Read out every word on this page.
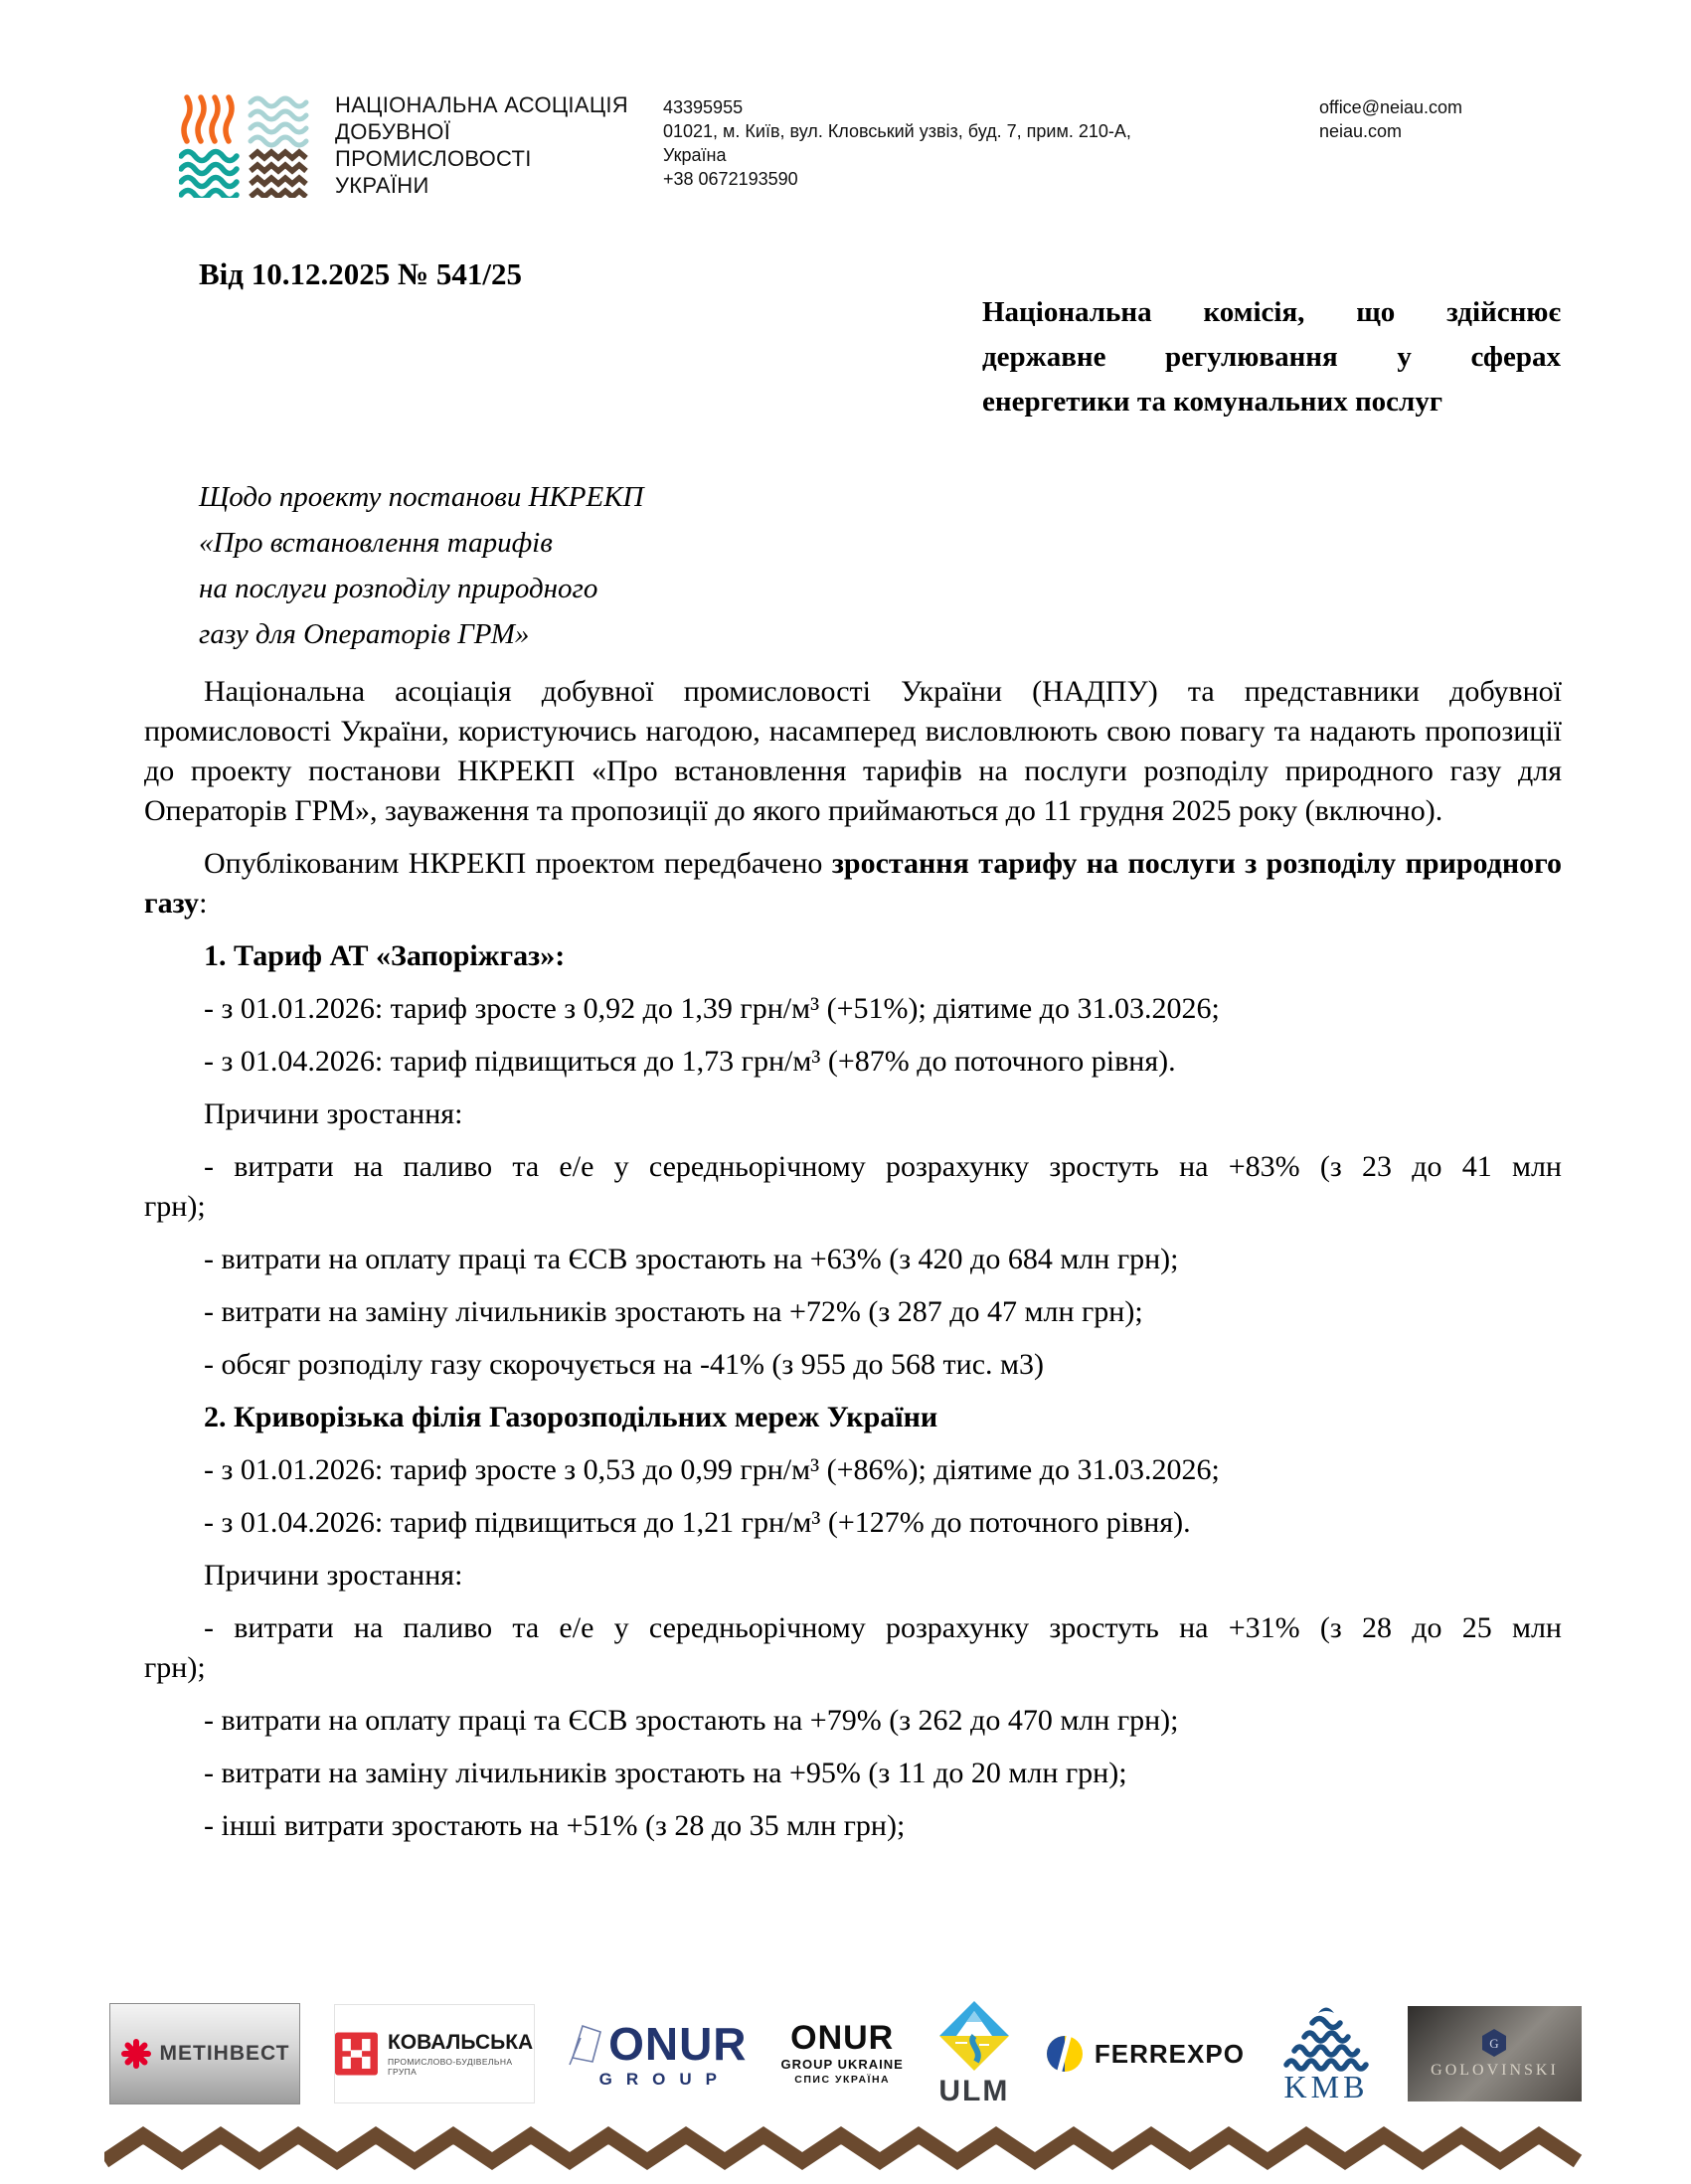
НАЦІОНАЛЬНА АСОЦІАЦІЯ
ДОБУВНОЇ
ПРОМИСЛОВОСТІ
УКРАЇНИ
43395955
01021, м. Київ, вул. Кловський узвіз, буд. 7, прим. 210-А,
Україна
+38 0672193590
office@neiau.com
neiau.com
Від 10.12.2025 № 541/25
Національна комісія, що здійснює
державне регулювання у сферах
енергетики та комунальних послуг
Щодо проекту постанови НКРЕКП
«Про встановлення тарифів
на послуги розподілу природного
газу для Операторів ГРМ»

Національна асоціація добувної промисловості України (НАДПУ) та представники добувної промисловості України, користуючись нагодою, насамперед висловлюють свою повагу та надають пропозиції до проекту постанови НКРЕКП «Про встановлення тарифів на послуги розподілу природного газу для Операторів ГРМ», зауваження та пропозиції до якого приймаються до 11 грудня 2025 року (включно).

Опублікованим НКРЕКП проектом передбачено зростання тарифу на послуги з розподілу природного газу:

1. Тариф АТ «Запоріжгаз»:

- з 01.01.2026: тариф зросте з 0,92 до 1,39 грн/м³ (+51%); діятиме до 31.03.2026;

- з 01.04.2026: тариф підвищиться до 1,73 грн/м³ (+87% до поточного рівня).

Причини зростання:

- витрати на паливо та е/е у середньорічному розрахунку зростуть на +83% (з 23 до 41 млн грн);

- витрати на оплату праці та ЄСВ зростають на +63% (з 420 до 684 млн грн);

- витрати на заміну лічильників зростають на +72% (з 287 до 47 млн грн);

- обсяг розподілу газу скорочується на -41% (з 955 до 568 тис. м3)

2. Криворізька філія Газорозподільних мереж України

- з 01.01.2026: тариф зросте з 0,53 до 0,99 грн/м³ (+86%); діятиме до 31.03.2026;

- з 01.04.2026: тариф підвищиться до 1,21 грн/м³ (+127% до поточного рівня).

Причини зростання:

- витрати на паливо та е/е у середньорічному розрахунку зростуть на +31% (з 28 до 25 млн грн);

- витрати на оплату праці та ЄСВ зростають на +79% (з 262 до 470 млн грн);

- витрати на заміну лічильників зростають на +95% (з 11 до 20 млн грн);

- інші витрати зростають на +51% (з 28 до 35 млн грн);

МЕТІНВЕСТ	КОВАЛЬСЬКА
ПРОМИСЛОВО-БУДІВЕЛЬНА ГРУПА
ONUR
GROUP
ONUR
GROUP UKRAINE
СПИС УКРАЇНА ULM
FERREXPO
KMB
G
GOLOVINSKI
